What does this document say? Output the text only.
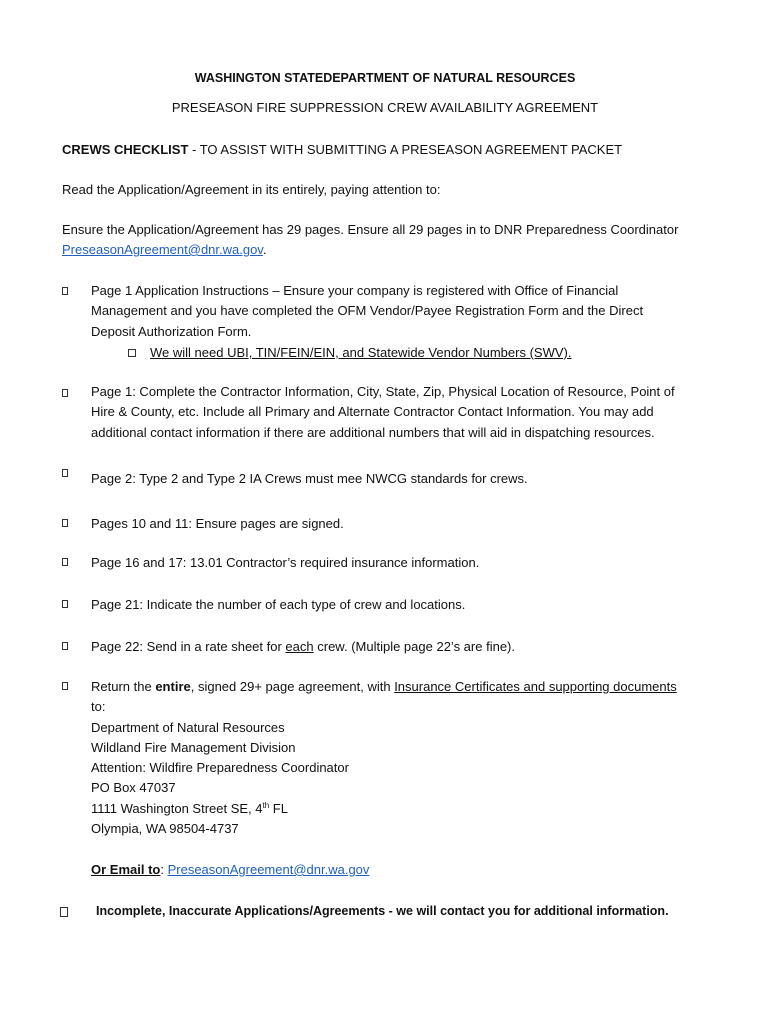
WASHINGTON STATEDEPARTMENT OF NATURAL RESOURCES
PRESEASON FIRE SUPPRESSION CREW AVAILABILITY AGREEMENT
CREWS CHECKLIST - TO ASSIST WITH SUBMITTING A PRESEASON AGREEMENT PACKET
Read the Application/Agreement in its entirely, paying attention to:
Ensure the Application/Agreement has 29 pages. Ensure all 29 pages in to DNR Preparedness Coordinator
PreseasonAgreement@dnr.wa.gov.
Page 1 Application Instructions – Ensure your company is registered with Office of Financial
Management and you have completed the OFM Vendor/Payee Registration Form and the Direct
Deposit Authorization Form.
We will need UBI, TIN/FEIN/EIN, and Statewide Vendor Numbers (SWV).
Page 1: Complete the Contractor Information, City, State, Zip, Physical Location of Resource, Point of
Hire & County, etc. Include all Primary and Alternate Contractor Contact Information. You may add
additional contact information if there are additional numbers that will aid in dispatching resources.
Page 2: Type 2 and Type 2 IA Crews must mee NWCG standards for crews.
Pages 10 and 11: Ensure pages are signed.
Page 16 and 17: 13.01 Contractor’s required insurance information.
Page 21: Indicate the number of each type of crew and locations.
Page 22: Send in a rate sheet for each crew. (Multiple page 22’s are fine).
Return the entire, signed 29+ page agreement, with Insurance Certificates and supporting documents
to:
Department of Natural Resources
Wildland Fire Management Division
Attention: Wildfire Preparedness Coordinator
PO Box 47037
1111 Washington Street SE, 4th FL
Olympia, WA 98504-4737
Or Email to: PreseasonAgreement@dnr.wa.gov
Incomplete, Inaccurate Applications/Agreements - we will contact you for additional information.
